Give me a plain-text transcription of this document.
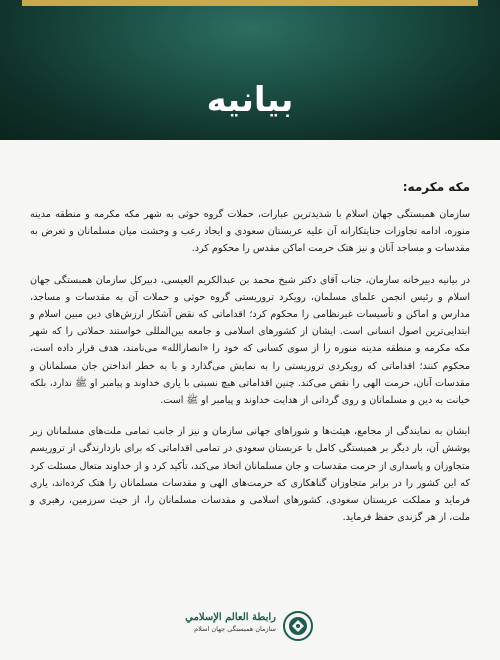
بیانیه

مکه مکرمه:

سازمان همبستگی جهان اسلام با شدیدترین عبارات، حملات گروه حوثی به شهر مکه مکرمه و منطقه مدینه منوره، ادامه تجاوزات جنایتکارانه آن علیه عربستان سعودی و ایجاد رعب و وحشت میان مسلمانان و تعرض به مقدسات و مساجد آنان و نیز هتک حرمت اماکن مقدس را محکوم کرد.

در بیانیه دبیرخانه سازمان، جناب آقای دکتر شیخ محمد بن عبدالکریم العیسی، دبیرکل سازمان همبستگی جهان اسلام و رئیس انجمن علمای مسلمان، رویکرد تروریستی گروه حوثی و حملات آن به مقدسات و مساجد، مدارس و اماکن و تأسیسات غیرنظامی را محکوم کرد؛ اقداماتی که نقض آشکار ارزش‌های دین مبین اسلام و ابتدایی‌ترین اصول انسانی است. ایشان از کشورهای اسلامی و جامعه بین‌المللی خواستند حملاتی را که شهر مکه مکرمه و منطقه مدینه منوره را از سوی کسانی که خود را «انصارالله» می‌نامند، هدف قرار داده است، محکوم کنند؛ اقداماتی که رویکردی تروریستی را به نمایش می‌گذارد و با به خطر انداختن جان مسلمانان و مقدسات آنان، حرمت الهی را نقض می‌کند. چنین اقداماتی هیچ نسبتی با یاری خداوند و پیامبر او ﷺ ندارد، بلکه خیانت به دین و مسلمانان و روی گردانی از هدایت خداوند و پیامبر او ﷺ است.

ایشان به نمایندگی از مجامع، هیئت‌ها و شوراهای جهانی سازمان و نیز از جانب تمامی ملت‌های مسلمانان زیر پوشش آن، بار دیگر بر همبستگی کامل با عربستان سعودی در تمامی اقداماتی که برای بازدارندگی از تروریسم متجاوزان و پاسداری از حرمت مقدسات و جان مسلمانان اتخاذ می‌کند، تأکید کرد و از خداوند متعال مسئلت کرد که این کشور را در برابر متجاوزان گناهکاری که حرمت‌های الهی و مقدسات مسلمانان را هتک کرده‌اند، یاری فرماید و مملکت عربستان سعودی، کشورهای اسلامی و مقدسات مسلمانان را، از حیث سرزمین، رهبری و ملت، از هر گزندی حفظ فرماید.

رابطة العالم الإسلامي
سازمان همبستگی جهان اسلام
